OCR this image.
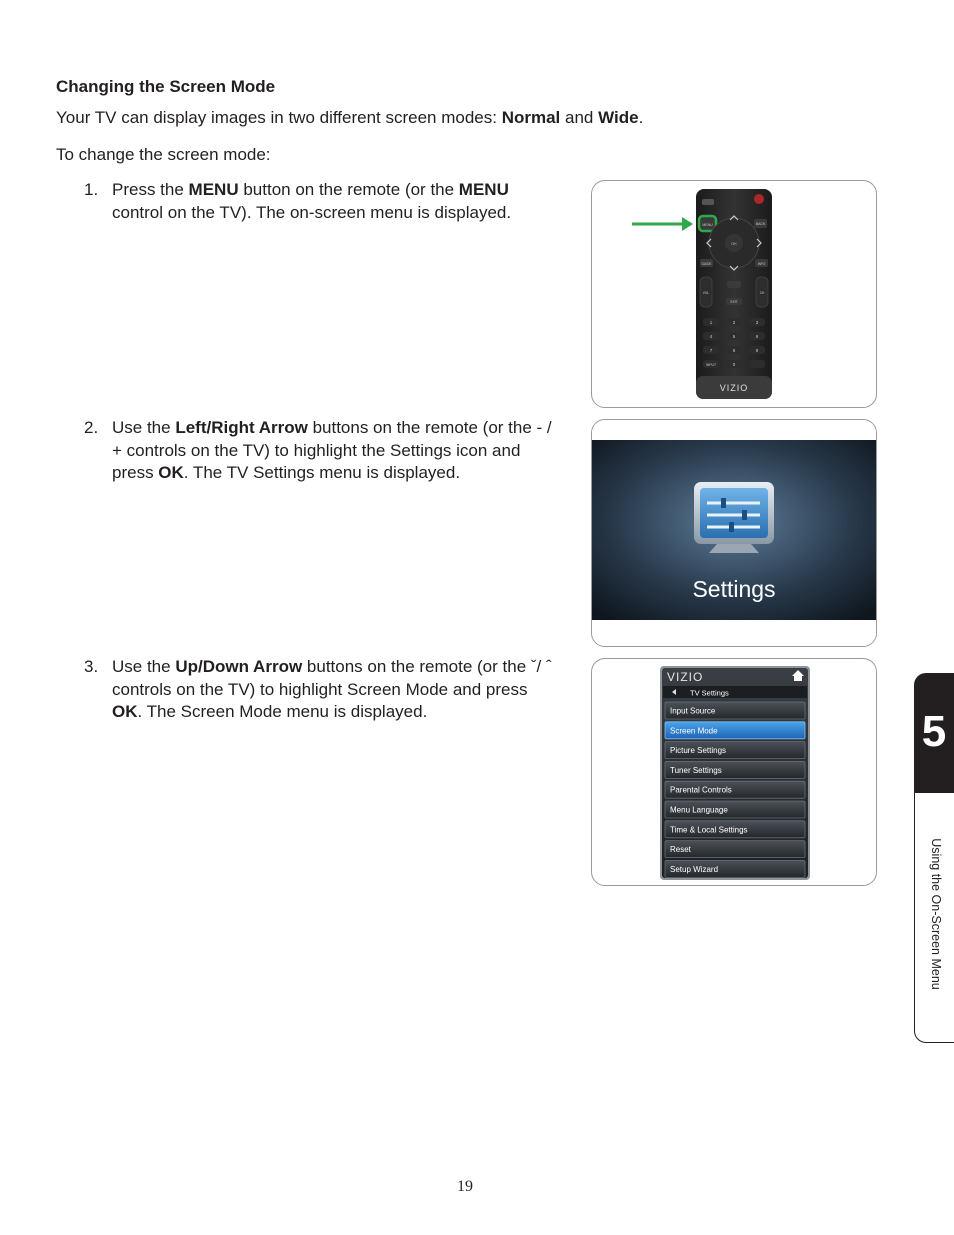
Changing the Screen Mode
Your TV can display images in two different screen modes: Normal and Wide.
To change the screen mode:
1. Press the MENU button on the remote (or the MENU control on the TV). The on-screen menu is displayed.
2. Use the Left/Right Arrow buttons on the remote (or the - / + controls on the TV) to highlight the Settings icon and press OK. The TV Settings menu is displayed.
3. Use the Up/Down Arrow buttons on the remote (or the ˇ/ ˆ controls on the TV) to highlight Screen Mode and press OK. The Screen Mode menu is displayed.
MENU	BACK
OK
GUIDE	INFO
VOL	CH
EXIT
1	2	3
4	5	6
7	8	9
INPUT	0
VIZIO
Settings
VIZIO
TV Settings
Input Source
Screen Mode
Picture Settings
Tuner Settings
Parental Controls
Menu Language
Time & Local Settings
Reset
Setup Wizard
5
Using the On-Screen Menu
19
